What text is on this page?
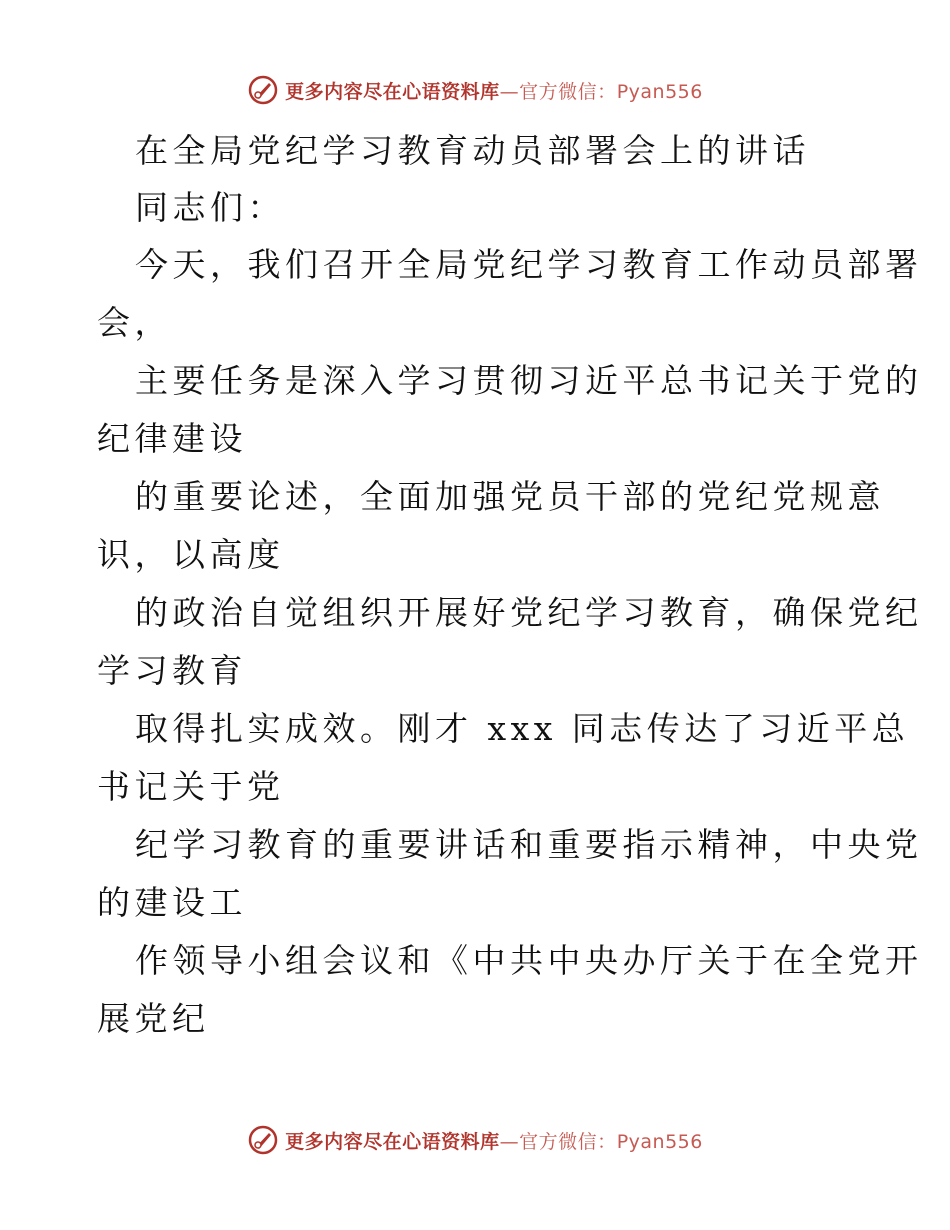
更多内容尽在心语资料库—官方微信：Pyan556
在全局党纪学习教育动员部署会上的讲话
同志们：
今天，我们召开全局党纪学习教育工作动员部署
会，
主要任务是深入学习贯彻习近平总书记关于党的
纪律建设
的重要论述，全面加强党员干部的党纪党规意
识，以高度
的政治自觉组织开展好党纪学习教育，确保党纪
学习教育
取得扎实成效。刚才 xxx 同志传达了习近平总
书记关于党
纪学习教育的重要讲话和重要指示精神，中央党
的建设工
作领导小组会议和《中共中央办厅关于在全党开
展党纪
更多内容尽在心语资料库—官方微信：Pyan556
